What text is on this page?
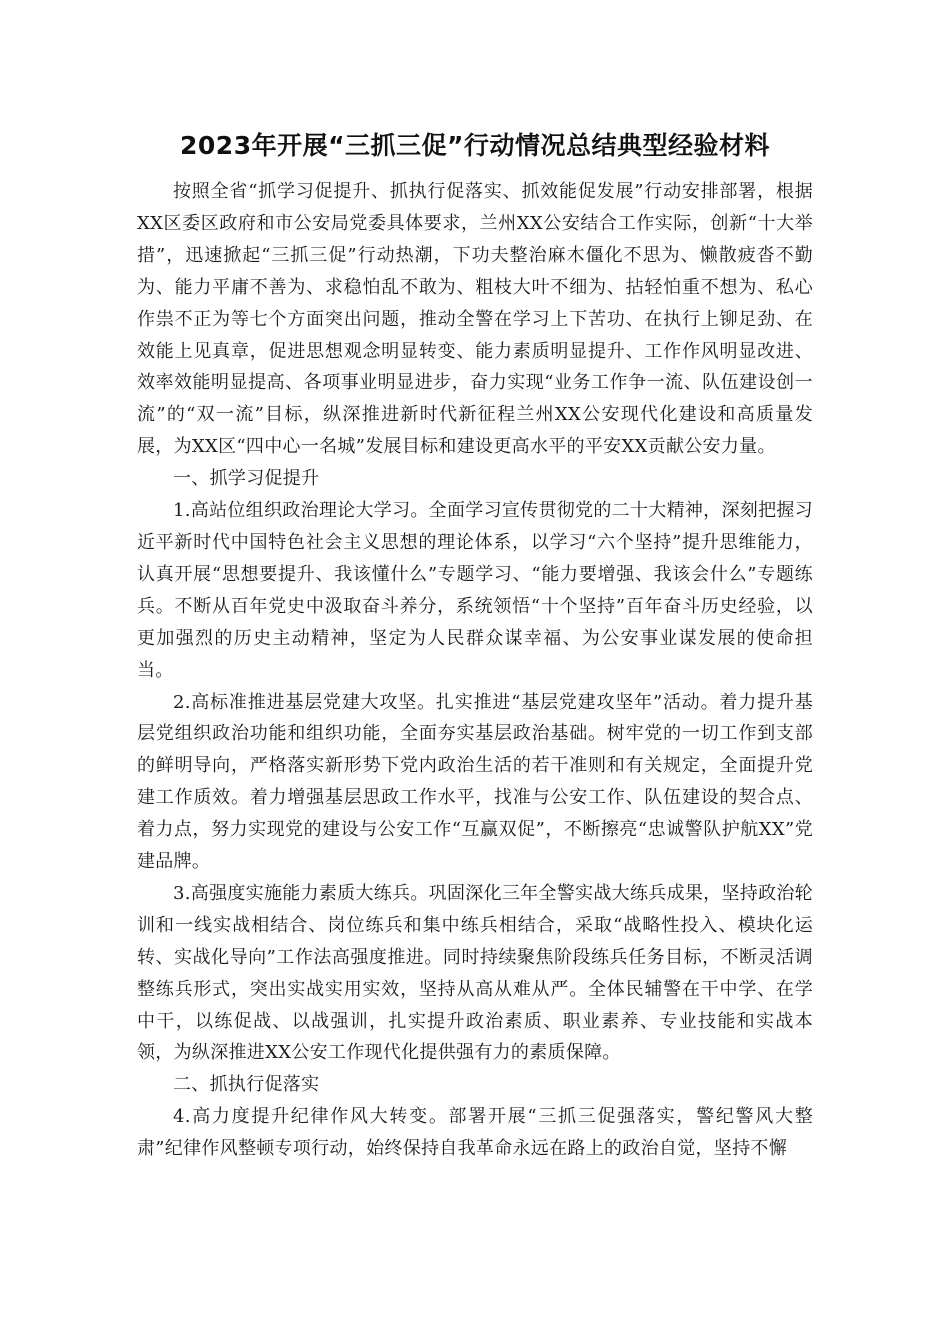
2023年开展“三抓三促”行动情况总结典型经验材料

按照全省“抓学习促提升、抓执行促落实、抓效能促发展”行动安排部署，根据XX区委区政府和市公安局党委具体要求，兰州XX公安结合工作实际，创新“十大举措”，迅速掀起“三抓三促”行动热潮，下功夫整治麻木僵化不思为、懒散疲沓不勤为、能力平庸不善为、求稳怕乱不敢为、粗枝大叶不细为、拈轻怕重不想为、私心作祟不正为等七个方面突出问题，推动全警在学习上下苦功、在执行上铆足劲、在效能上见真章，促进思想观念明显转变、能力素质明显提升、工作作风明显改进、效率效能明显提高、各项事业明显进步，奋力实现“业务工作争一流、队伍建设创一流”的“双一流”目标，纵深推进新时代新征程兰州XX公安现代化建设和高质量发展，为XX区“四中心一名城”发展目标和建设更高水平的平安XX贡献公安力量。

一、抓学习促提升

1.高站位组织政治理论大学习。全面学习宣传贯彻党的二十大精神，深刻把握习近平新时代中国特色社会主义思想的理论体系，以学习“六个坚持”提升思维能力，认真开展“思想要提升、我该懂什么”专题学习、“能力要增强、我该会什么”专题练兵。不断从百年党史中汲取奋斗养分，系统领悟“十个坚持”百年奋斗历史经验，以更加强烈的历史主动精神，坚定为人民群众谋幸福、为公安事业谋发展的使命担当。

2.高标准推进基层党建大攻坚。扎实推进“基层党建攻坚年”活动。着力提升基层党组织政治功能和组织功能，全面夯实基层政治基础。树牢党的一切工作到支部的鲜明导向，严格落实新形势下党内政治生活的若干准则和有关规定，全面提升党建工作质效。着力增强基层思政工作水平，找准与公安工作、队伍建设的契合点、着力点，努力实现党的建设与公安工作“互赢双促”，不断擦亮“忠诚警队护航XX”党建品牌。

3.高强度实施能力素质大练兵。巩固深化三年全警实战大练兵成果，坚持政治轮训和一线实战相结合、岗位练兵和集中练兵相结合，采取“战略性投入、模块化运转、实战化导向”工作法高强度推进。同时持续聚焦阶段练兵任务目标，不断灵活调整练兵形式，突出实战实用实效，坚持从高从难从严。全体民辅警在干中学、在学中干，以练促战、以战强训，扎实提升政治素质、职业素养、专业技能和实战本领，为纵深推进XX公安工作现代化提供强有力的素质保障。

二、抓执行促落实

4.高力度提升纪律作风大转变。部署开展“三抓三促强落实，警纪警风大整肃”纪律作风整顿专项行动，始终保持自我革命永远在路上的政治自觉，坚持不懈
